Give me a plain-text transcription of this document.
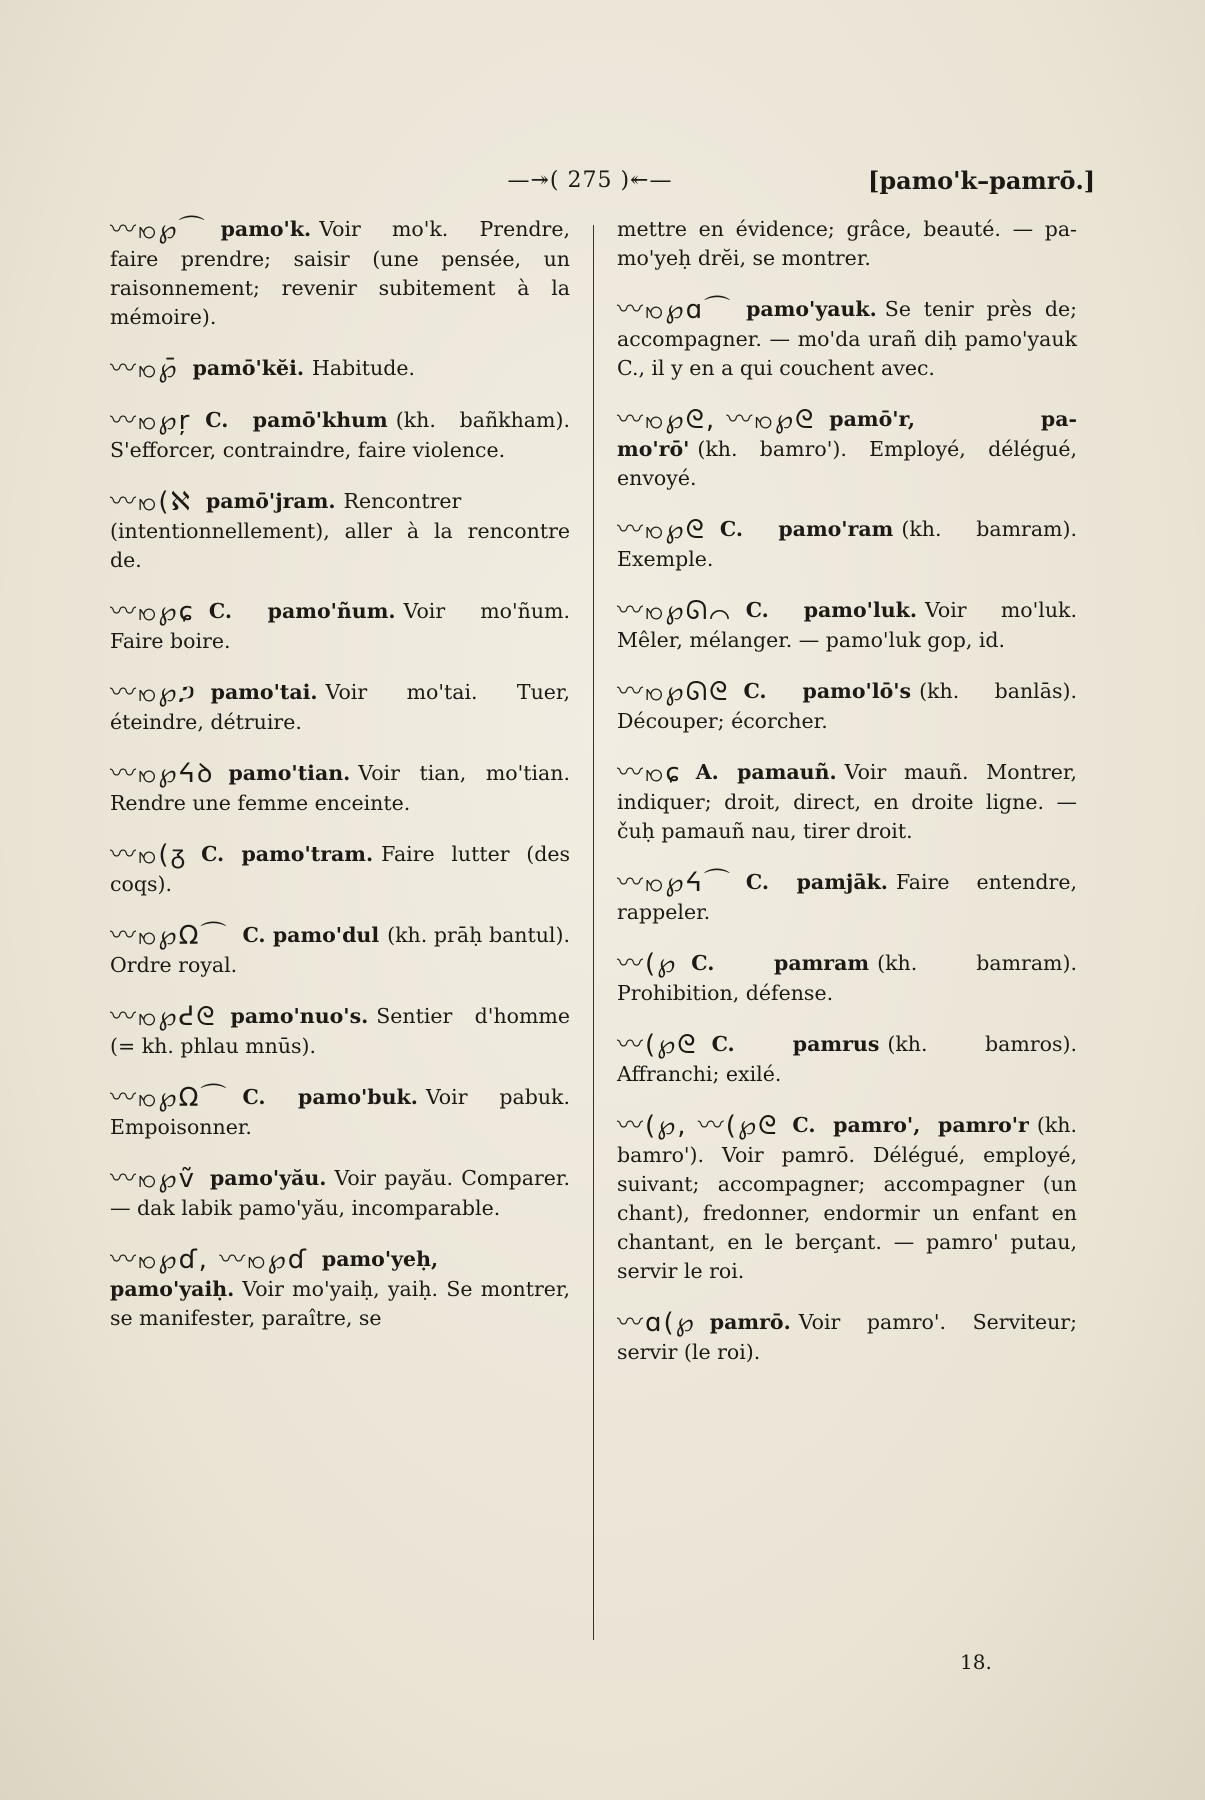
—↠( 275 )↞—	[pamo'k–pamrō.]
〰ꩯ℘⌒ pamo'k. Voir mo'k. Prendre, faire prendre; saisir (une pensée, un raisonnement; revenir subitement à la mémoire).
〰ꩯ℘̄ pamō'kĕi. Habitude.
〰ꩯ℘ŗ C. pamō'khum (kh. bañkham). S'efforcer, contraindre, faire violence.
〰ꩯ(ℵ pamō'jram. Rencontrer (intentionnellement), aller à la rencontre de.
〰ꩯ℘ɕ C. pamo'ñum. Voir mo'ñum. Faire boire.
〰ꩯ℘ጋ pamo'tai. Voir mo'tai. Tuer, éteindre, détruire.
〰ꩯ℘ᔦꝺ pamo'tian. Voir tian, mo'tian. Rendre une femme enceinte.
〰ꩯ(ᵹ C. pamo'tram. Faire lutter (des coqs).
〰ꩯ℘Ω⌒ C. pamo'dul (kh. prāḥ bantul). Ordre royal.
〰ꩯ℘ᕍᘓ pamo'nuo's. Sentier d'homme (= kh. phlau mnūs).
〰ꩯ℘Ω⌒ C. pamo'buk. Voir pabuk. Empoisonner.
〰ꩯ℘ṽ pamo'yău. Voir payău. Comparer. — dak labik pamo'yău, incomparable.
〰ꩯ℘ɗ, 〰ꩯ℘ɗ pamo'yeḥ, pamo'yaiḥ. Voir mo'yaiḥ, yaiḥ. Se montrer, se manifester, paraître, se
mettre en évidence; grâce, beauté. — pa-mo'yeḥ drĕi, se montrer.
〰ꩯ℘ɑ⌒ pamo'yauk. Se tenir près de; accompagner. — mo'da urañ diḥ pamo'yauk C., il y en a qui couchent avec.
〰ꩯ℘ᘓ, 〰ꩯ℘ᘓ pamō'r, pa-mo'rō' (kh. bamro'). Employé, délégué, envoyé.
〰ꩯ℘ᘓ C. pamo'ram (kh. bamram). Exemple.
〰ꩯ℘ᘏ⌒ C. pamo'luk. Voir mo'luk. Mêler, mélanger. — pamo'luk gop, id.
〰ꩯ℘ᘏᘓ C. pamo'lō's (kh. banlās). Découper; écorcher.
〰ꩯɕ A. pamauñ. Voir mauñ. Montrer, indiquer; droit, direct, en droite ligne. — čuḥ pamauñ nau, tirer droit.
〰ꩯ℘ᔦ⌒ C. pamjāk. Faire entendre, rappeler.
〰(℘ C. pamram (kh. bamram). Prohibition, défense.
〰(℘ᘓ C. pamrus (kh. bamros). Affranchi; exilé.
〰(℘, 〰(℘ᘓ C. pamro', pamro'r (kh. bamro'). Voir pamrō. Délégué, employé, suivant; accompagner; accompagner (un chant), fredonner, endormir un enfant en chantant, en le berçant. — pamro' putau, servir le roi.
〰ɑ(℘ pamrō. Voir pamro'. Serviteur; servir (le roi).
18.
